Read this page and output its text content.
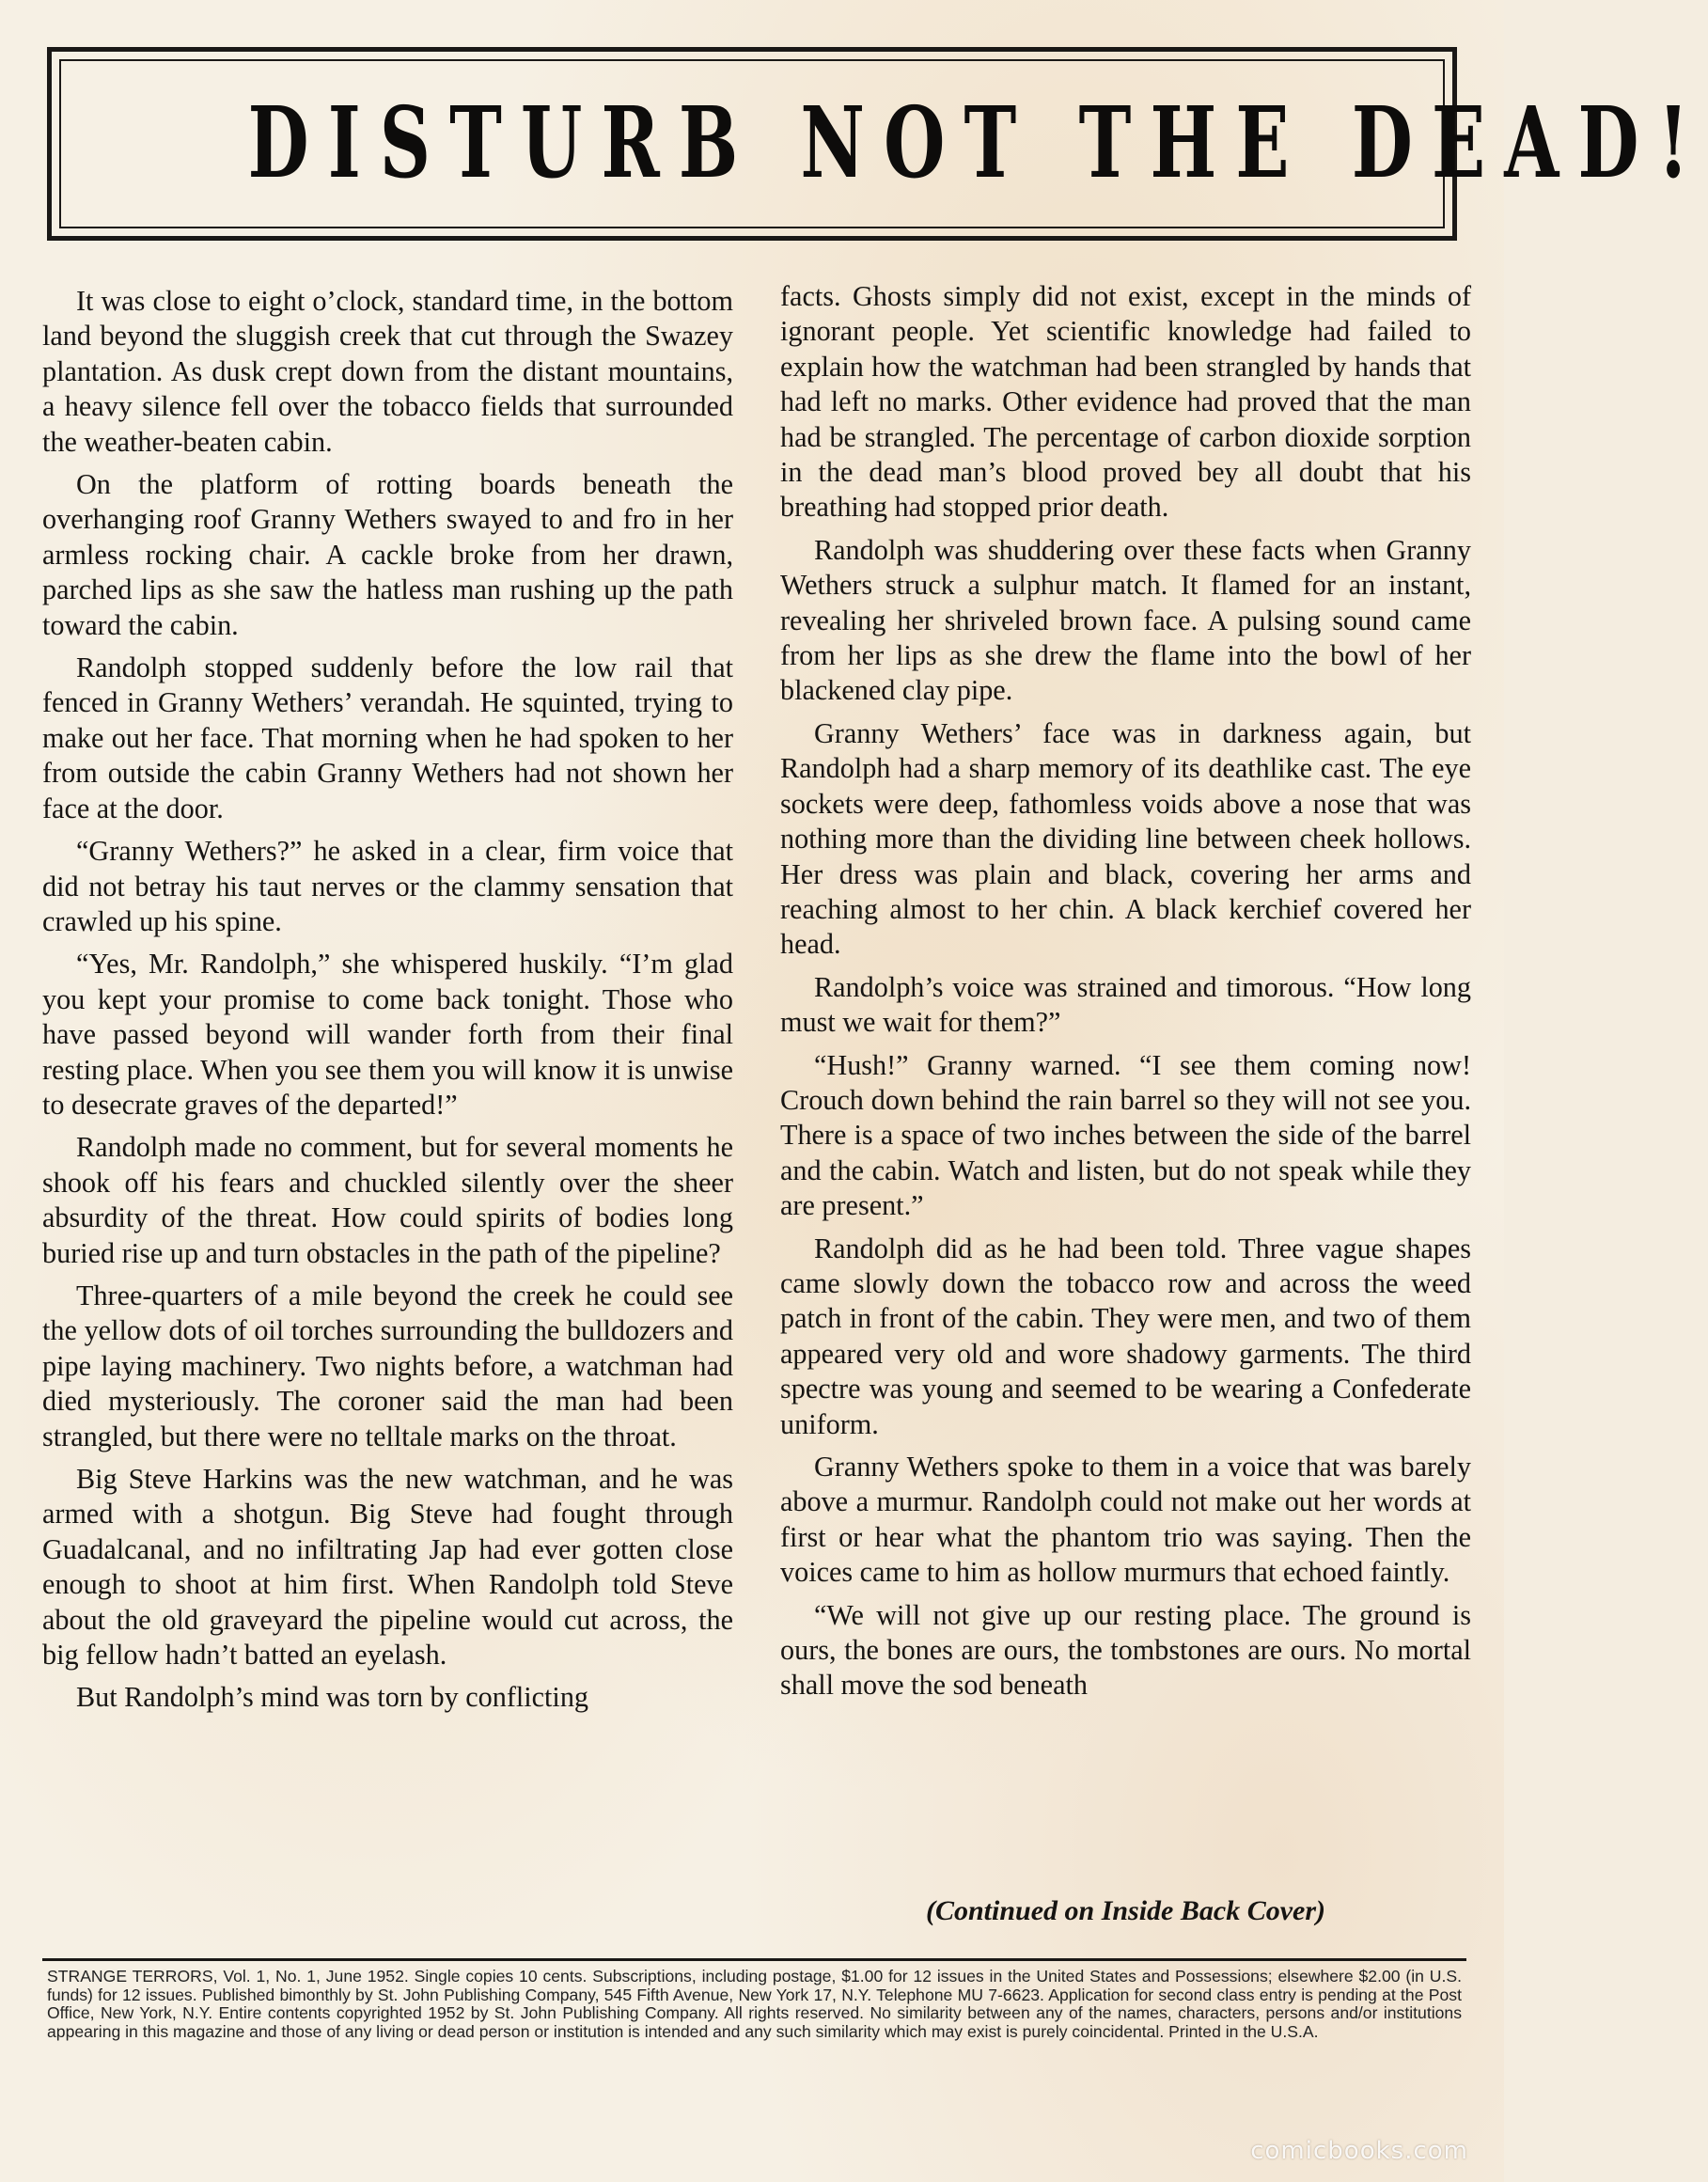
DISTURB NOT THE DEAD!

It was close to eight o’clock, standard time, in the bottom land beyond the sluggish creek that cut through the Swazey plantation. As dusk crept down from the distant mountains, a heavy silence fell over the tobacco fields that surrounded the weather-beaten cabin.

On the platform of rotting boards beneath the overhanging roof Granny Wethers swayed to and fro in her armless rocking chair. A cackle broke from her drawn, parched lips as she saw the hatless man rushing up the path toward the cabin.

Randolph stopped suddenly before the low rail that fenced in Granny Wethers’ verandah. He squinted, trying to make out her face. That morning when he had spoken to her from outside the cabin Granny Wethers had not shown her face at the door.

“Granny Wethers?” he asked in a clear, firm voice that did not betray his taut nerves or the clammy sensation that crawled up his spine.

“Yes, Mr. Randolph,” she whispered huskily. “I’m glad you kept your promise to come back tonight. Those who have passed beyond will wander forth from their final resting place. When you see them you will know it is unwise to desecrate graves of the departed!”

Randolph made no comment, but for several moments he shook off his fears and chuckled silently over the sheer absurdity of the threat. How could spirits of bodies long buried rise up and turn obstacles in the path of the pipeline?

Three-quarters of a mile beyond the creek he could see the yellow dots of oil torches surrounding the bulldozers and pipe laying machinery. Two nights before, a watchman had died mysteriously. The coroner said the man had been strangled, but there were no telltale marks on the throat.

Big Steve Harkins was the new watchman, and he was armed with a shotgun. Big Steve had fought through Guadalcanal, and no infiltrating Jap had ever gotten close enough to shoot at him first. When Randolph told Steve about the old graveyard the pipeline would cut across, the big fellow hadn’t batted an eyelash.

But Randolph’s mind was torn by conflicting

facts. Ghosts simply did not exist, except in the minds of ignorant people. Yet scientific knowledge had failed to explain how the watchman had been strangled by hands that had left no marks. Other evidence had proved that the man had be strangled. The percentage of carbon dioxide sorption in the dead man’s blood proved bey all doubt that his breathing had stopped prior death.

Randolph was shuddering over these facts when Granny Wethers struck a sulphur match. It flamed for an instant, revealing her shriveled brown face. A pulsing sound came from her lips as she drew the flame into the bowl of her blackened clay pipe.

Granny Wethers’ face was in darkness again, but Randolph had a sharp memory of its deathlike cast. The eye sockets were deep, fathomless voids above a nose that was nothing more than the dividing line between cheek hollows. Her dress was plain and black, covering her arms and reaching almost to her chin. A black kerchief covered her head.

Randolph’s voice was strained and timorous. “How long must we wait for them?”

“Hush!” Granny warned. “I see them coming now! Crouch down behind the rain barrel so they will not see you. There is a space of two inches between the side of the barrel and the cabin. Watch and listen, but do not speak while they are present.”

Randolph did as he had been told. Three vague shapes came slowly down the tobacco row and across the weed patch in front of the cabin. They were men, and two of them appeared very old and wore shadowy garments. The third spectre was young and seemed to be wearing a Confederate uniform.

Granny Wethers spoke to them in a voice that was barely above a murmur. Randolph could not make out her words at first or hear what the phantom trio was saying. Then the voices came to him as hollow murmurs that echoed faintly.

“We will not give up our resting place. The ground is ours, the bones are ours, the tombstones are ours. No mortal shall move the sod beneath

(Continued on Inside Back Cover)
STRANGE TERRORS, Vol. 1, No. 1, June 1952. Single copies 10 cents. Subscriptions, including postage, $1.00 for 12 issues in the United States and Possessions; elsewhere $2.00 (in U.S. funds) for 12 issues. Published bimonthly by St. John Publishing Company, 545 Fifth Avenue, New York 17, N.Y. Telephone MU 7-6623. Application for second class entry is pending at the Post Office, New York, N.Y. Entire contents copyrighted 1952 by St. John Publishing Company. All rights reserved. No similarity between any of the names, characters, persons and/or institutions appearing in this magazine and those of any living or dead person or institution is intended and any such similarity which may exist is purely coincidental. Printed in the U.S.A.
comicbooks.com
